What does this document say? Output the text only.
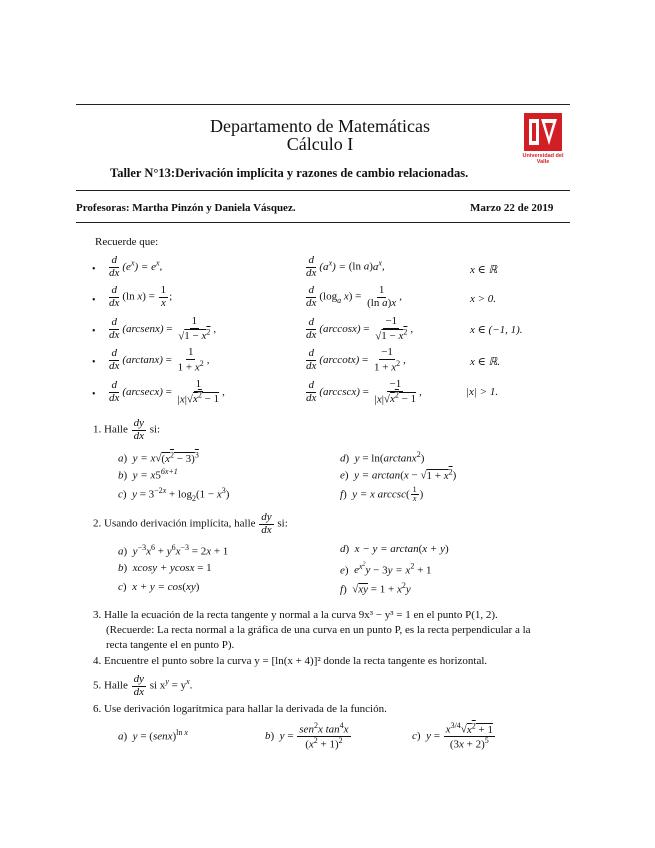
Departamento de Matemáticas
Cálculo I
Universidad del Valle
Taller N°13:Derivación implícita y razones de cambio relacionadas.
Profesoras: Martha Pinzón y Daniela Vásquez.	Marzo 22 de 2019
Recuerde que:
• $\frac{d}{dx} (e^x) = e^x$,	$\frac{d}{dx} (a^x) = (\ln$ $a)a^x$,	x ∈ ℝ
• $\frac{d}{dx} (\ln$ $x) = \frac{1}{x}$ ;	$\frac{d}{dx} (\log_a$ $x) = \frac{1}{\text{(ln a)x}}$ ,	x > 0.
• $\frac{d}{dx}$ (arcsenx) = $\frac{1}{√1 - x^2}$ ,	$\frac{d}{dx} (\arccos x) = \frac{-1}{√1 - x^2}$ ,	x ∈ (−1, 1).
• $\frac{d}{dx} (\arctan x) = \frac{1}{1 + x^2}$ ,	$\frac{d}{dx} (arccotx) = \frac{-1}{1 + x^2}$ ,	x ∈ ℝ.
• $\frac{d}{dx} (arcsecx) = \frac{1}{|x|√x^2 - 1}$ ,	$\frac{d}{dx} (arccscx) = \frac{-1}{|x|√x^2 - 1}$ ,	|x| > 1.
1. Halle $\frac{dy}{dx}$ si:
a)  $y = x√(x^2 - 3)^3$
b)  $y = x5^{6x+1}$
c)  $y = 3^{-2x} + \log_2(1 - x^3)$
d)  y = ln(arctanx$^2$)
e)  $y = \arctan(x - √1 + x^2)$
f)  y = x $arccsc( \frac{1}{x}$ )
2. Usando derivación implícita, halle $\frac{dy}{dx}$ si:
a)  $y^{-3}x^6 + y^6x^{-3} = 2x + 1$
b)  xcosy + ycosx = 1
c)  x + y = cos(xy)
d)  x − y = arctan(x + y)
e)  $e^{x^2}y - 3y = x^2 + 1$
f)  $√xy = 1 + x^2y$
3. Halle la ecuación de la recta tangente y normal a la curva 9x³ − y³ = 1 en el punto P(1, 2).
(Recuerde: La recta normal a la gráfica de una curva en un punto P, es la recta perpendicular a la
recta tangente el en punto P).
4. Encuentre el punto sobre la curva y = [ln(x + 4)]² donde la recta tangente es horizontal.
5. Halle $\frac{dy}{dx}$ si $x^y = y^x$.
6. Use derivación logarítmica para hallar la derivada de la función.
a)  y = (senx)$^{ln x}$	b)  $y = \frac{sen^2x \tan^4x}{(x^2 + 1)^2}$	c)  $y = \frac{x^{3/4}√x^2 + 1}{(3x + 2)^5}$
